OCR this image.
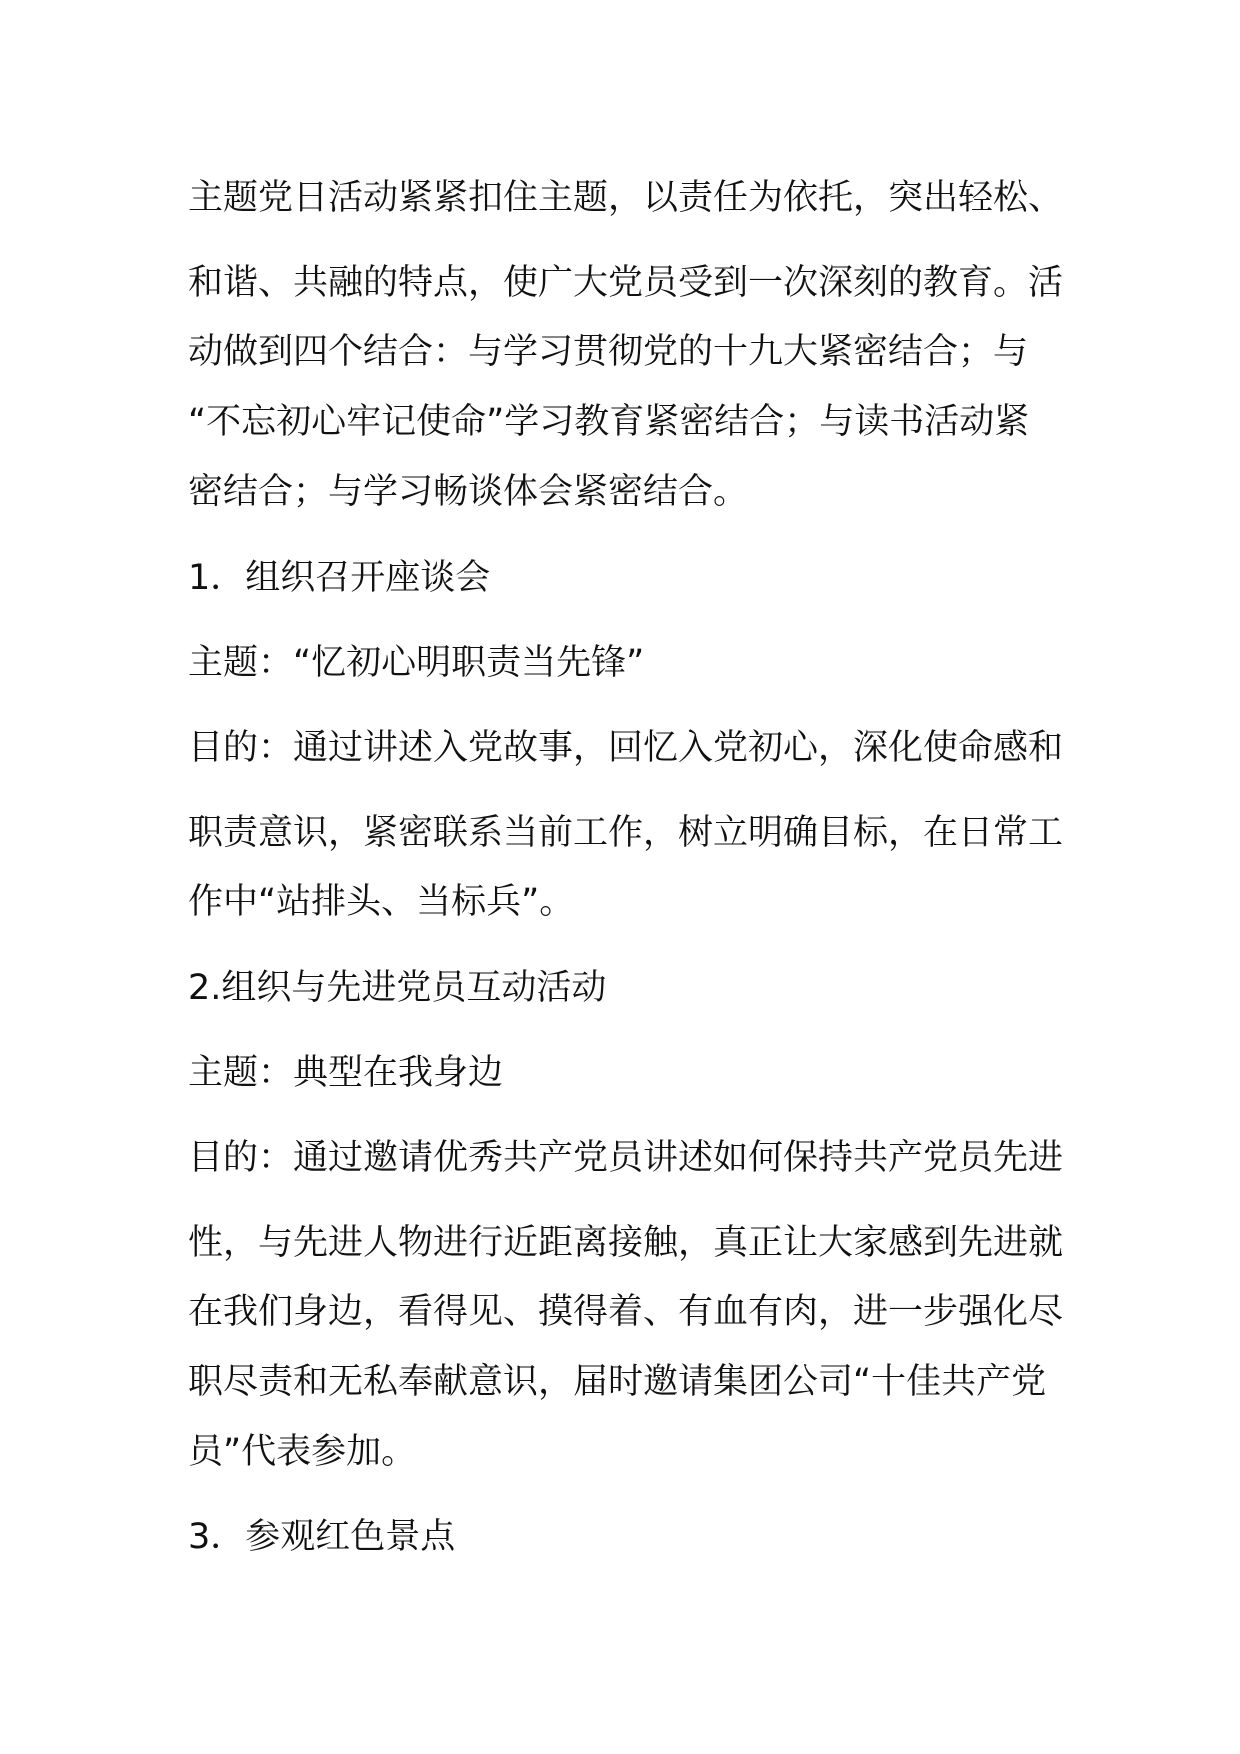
主题党日活动紧紧扣住主题，以责任为依托，突出轻松、
和谐、共融的特点，使广大党员受到一次深刻的教育。活
动做到四个结合：与学习贯彻党的十九大紧密结合；与
“不忘初心牢记使命”学习教育紧密结合；与读书活动紧
密结合；与学习畅谈体会紧密结合。
1．组织召开座谈会
主题：“忆初心明职责当先锋”
目的：通过讲述入党故事，回忆入党初心，深化使命感和
职责意识，紧密联系当前工作，树立明确目标，在日常工
作中“站排头、当标兵”。
2.组织与先进党员互动活动
主题：典型在我身边
目的：通过邀请优秀共产党员讲述如何保持共产党员先进
性，与先进人物进行近距离接触，真正让大家感到先进就
在我们身边，看得见、摸得着、有血有肉，进一步强化尽
职尽责和无私奉献意识，届时邀请集团公司“十佳共产党
员”代表参加。
3．参观红色景点
